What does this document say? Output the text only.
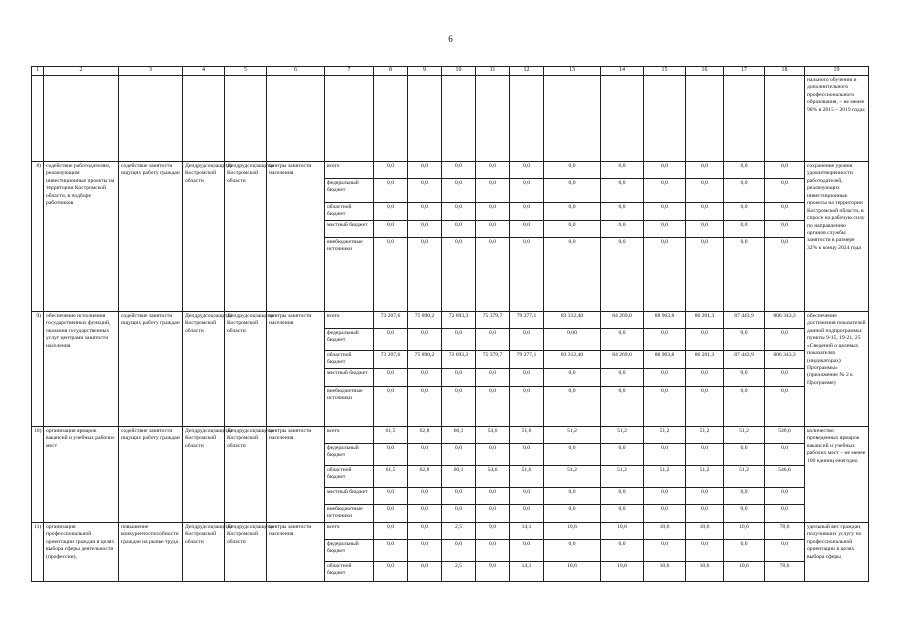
6
1	2	3	4	5	6	7	8	9	10	11	12	13	14	15	16	17	18	19
																		нального обучения и дополнительного профессионального образования, – не менее 90% в 2015 – 2019 годах
8)	содействие работодателям, реализующим инвестиционные проекты на территории Костромской области, в подборе работников	содействие занятости ищущих работу граждан	Депдрудсоцзащиты Костромской области	Депдрудсоцзащиты Костромской области	центры занятости населения	всего	0,0	0,0	0,0	0,0	0,0	0,0	0,0	0,0	0,0	0,0	0,0	сохранение уровня удовлетворенности работодателей, реализующих инвестиционные проекты на территории Костромской области, в спросе на рабочую силу по направлению органов службы занятости в размере 32% к концу 2024 года
						федеральный бюджет	0,0	0,0	0,0	0,0	0,0	0,0	0,0	0,0	0,0	0,0	0,0	
						областной бюджет	0,0	0,0	0,0	0,0	0,0	0,0	0,0	0,0	0,0	0,0	0,0	
						местный бюджет	0,0	0,0	0,0	0,0	0,0	0,0	0,0	0,0	0,0	0,0	0,0	
						внебюджетные источники	0,0	0,0	0,0	0,0	0,0	0,0	0,0	0,0	0,0	0,0	0,0	
9)	обеспечение исполнения государственных функций, оказания государственных услуг центрами занятости населения	содействие занятости ищущих работу граждан	Депдрудсоцзащиты Костромской области	Депдрудсоцзащиты Костромской области	центры занятости населения	всего	73 207,6	75 890,2	72 693,3	75 379,7	79 277,1	83 312,40	84 269,0	88 963,8	86 201,3	87 443,9	806 343,3	обеспечение достижения показателей данной подпрограммы: пункты 9-15, 19-21, 25 «Сведений о целевых показателях (индикаторах) Программы» (приложение № 2 к Программе)
						федеральный бюджет	0,0	0,0	0,0	0,0	0,0	0,00	0,0	0,0	0,0	0,0	0,0	
						областной бюджет	73 207,6	75 890,2	72 693,3	75 379,7	79 277,1	83 312,40	84 269,0	88 963,8	86 201,3	87 443,9	806 343,3	
						местный бюджет	0,0	0,0	0,0	0,0	0,0	0,0	0,0	0,0	0,0	0,0	0,0	
						внебюджетные источники	0,0	0,0	0,0	0,0	0,0	0,0	0,0	0,0	0,0	0,0	0,0	
10)	организация ярмарок вакансий и учебных рабочих мест	содействие занятости ищущих работу граждан	Депдрудсоцзащиты Костромской области	Депдрудсоцзащиты Костромской области	центры занятости населения	всего	61,5	62,8	60,1	54,6	51,6	51,2	51,2	51,2	51,2	51,2	546,6	количество проведенных ярмарок вакансий и учебных рабочих мест – не менее 100 единиц ежегодно
						федеральный бюджет	0,0	0,0	0,0	0,0	0,0	0,0	0,0	0,0	0,0	0,0	0,0	
						областной бюджет	61,5	62,8	60,1	54,6	51,6	51,2	51,2	51,2	51,2	51,2	546,6	
						местный бюджет	0,0	0,0	0,0	0,0	0,0	0,0	0,0	0,0	0,0	0,0	0,0	
						внебюджетные источники	0,0	0,0	0,0	0,0	0,0	0,0	0,0	0,0	0,0	0,0	0,0	
11)	организация профессиональной ориентации граждан в целях выбора сферы деятельности (профессии),	повышение конкурентоспособности граждан на рынке труда	Депдрудсоцзащиты Костромской области	Депдрудсоцзащиты Костромской области	центры занятости населения	всего	0,0	0,0	2,5	9,0	14,1	10,6	10,6	10,6	10,6	10,6	78,6	удельный вес граждан, получивших услугу по профессиональной ориентации в целях выбора сферы
						федеральный бюджет	0,0	0,0	0,0	0,0	0,0	0,0	0,0	0,0	0,0	0,0	0,0	
						областной бюджет	0,0	0,0	2,5	9,0	14,1	10,6	10,6	10,6	10,6	10,6	78,6	
